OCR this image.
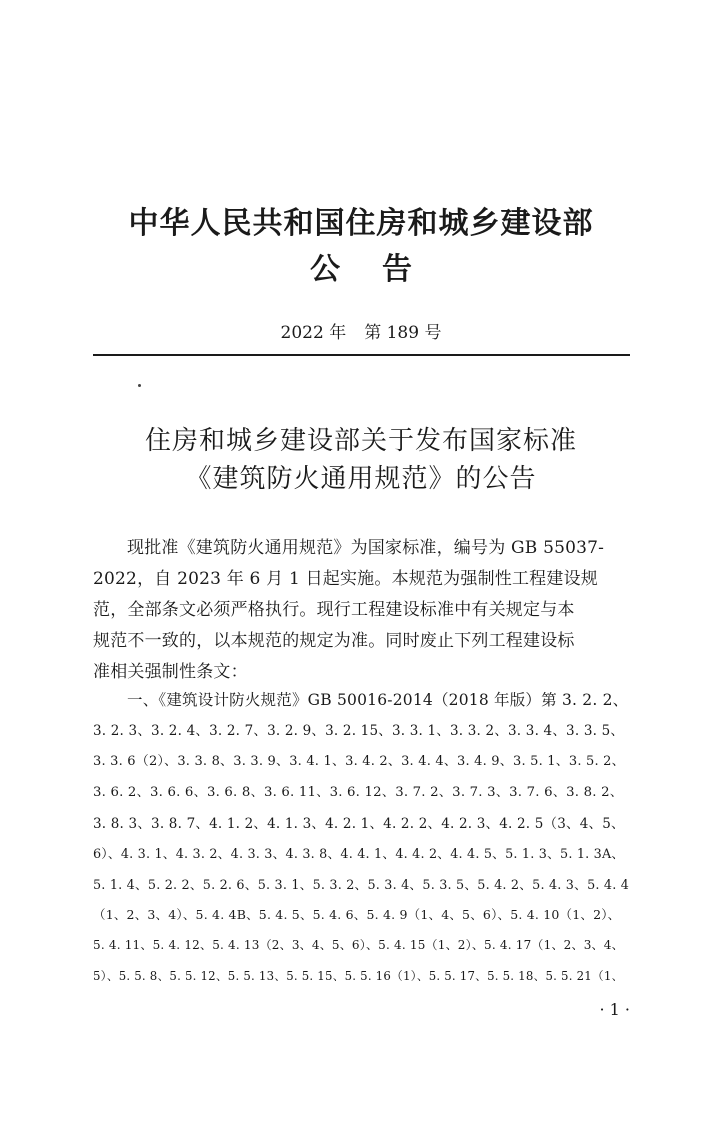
中华人民共和国住房和城乡建设部
公告
2022 年 第 189 号
住房和城乡建设部关于发布国家标准
《建筑防火通用规范》的公告
现批准《建筑防火通用规范》为国家标准，编号为 GB 55037-
2022，自 2023 年 6 月 1 日起实施。本规范为强制性工程建设规
范，全部条文必须严格执行。现行工程建设标准中有关规定与本
规范不一致的，以本规范的规定为准。同时废止下列工程建设标
准相关强制性条文：
一、《建筑设计防火规范》GB 50016-2014（2018 年版）第 3. 2. 2、
3. 2. 3、3. 2. 4、3. 2. 7、3. 2. 9、3. 2. 15、3. 3. 1、3. 3. 2、3. 3. 4、3. 3. 5、
3. 3. 6（2）、3. 3. 8、3. 3. 9、3. 4. 1、3. 4. 2、3. 4. 4、3. 4. 9、3. 5. 1、3. 5. 2、
3. 6. 2、3. 6. 6、3. 6. 8、3. 6. 11、3. 6. 12、3. 7. 2、3. 7. 3、3. 7. 6、3. 8. 2、
3. 8. 3、3. 8. 7、4. 1. 2、4. 1. 3、4. 2. 1、4. 2. 2、4. 2. 3、4. 2. 5（3、4、5、
6）、4. 3. 1、4. 3. 2、4. 3. 3、4. 3. 8、4. 4. 1、4. 4. 2、4. 4. 5、5. 1. 3、5. 1. 3A、
5. 1. 4、5. 2. 2、5. 2. 6、5. 3. 1、5. 3. 2、5. 3. 4、5. 3. 5、5. 4. 2、5. 4. 3、5. 4. 4
（1、2、3、4）、5. 4. 4B、5. 4. 5、5. 4. 6、5. 4. 9（1、4、5、6）、5. 4. 10（1、2）、
5. 4. 11、5. 4. 12、5. 4. 13（2、3、4、5、6）、5. 4. 15（1、2）、5. 4. 17（1、2、3、4、
5）、5. 5. 8、5. 5. 12、5. 5. 13、5. 5. 15、5. 5. 16（1）、5. 5. 17、5. 5. 18、5. 5. 21（1、
· 1 ·
